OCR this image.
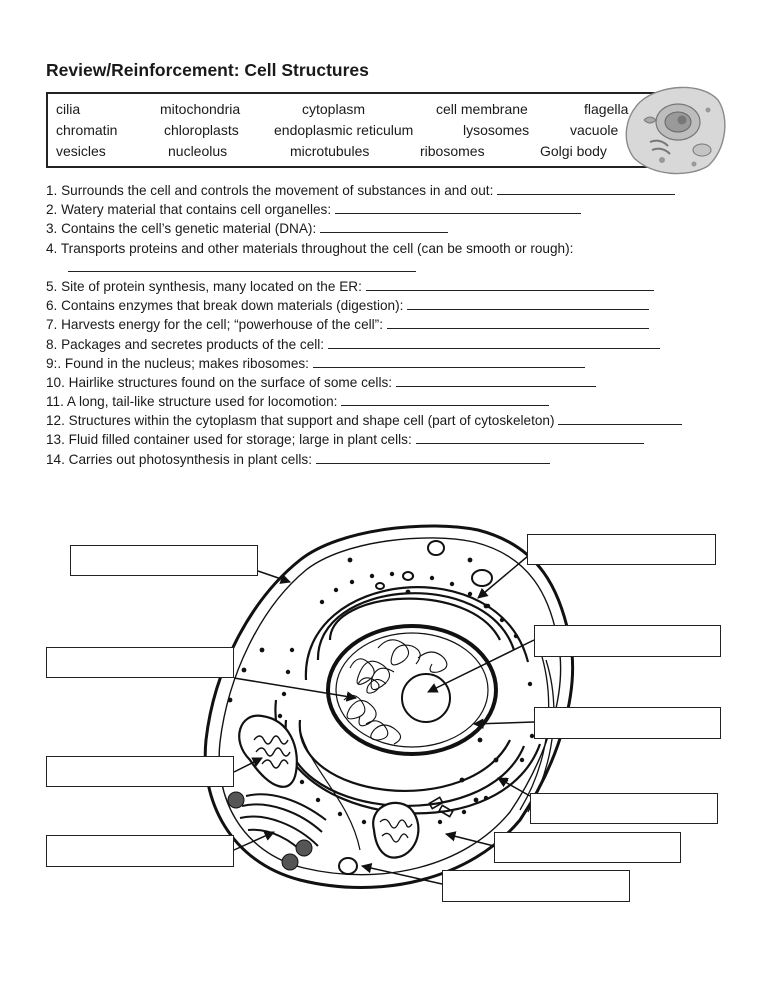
Review/Reinforcement: Cell Structures
cilia	mitochondria	cytoplasm	cell membrane	flagella
chromatin	chloroplasts	endoplasmic reticulum	lysosomes	vacuole
vesicles	nucleolus	microtubules	ribosomes	Golgi body
1. Surrounds the cell and controls the movement of substances in and out:
2. Watery material that contains cell organelles:
3. Contains the cell’s genetic material (DNA):
4. Transports proteins and other materials throughout the cell (can be smooth or rough):
5. Site of protein synthesis, many located on the ER:
6. Contains enzymes that break down materials (digestion):
7. Harvests energy for the cell; “powerhouse of the cell”:
8. Packages and secretes products of the cell:
9:. Found in the nucleus; makes ribosomes:
10. Hairlike structures found on the surface of some cells:
11. A long, tail-like structure used for locomotion:
12. Structures within the cytoplasm that support and shape cell (part of cytoskeleton)
13. Fluid filled container used for storage; large in plant cells:
14. Carries out photosynthesis in plant cells:
